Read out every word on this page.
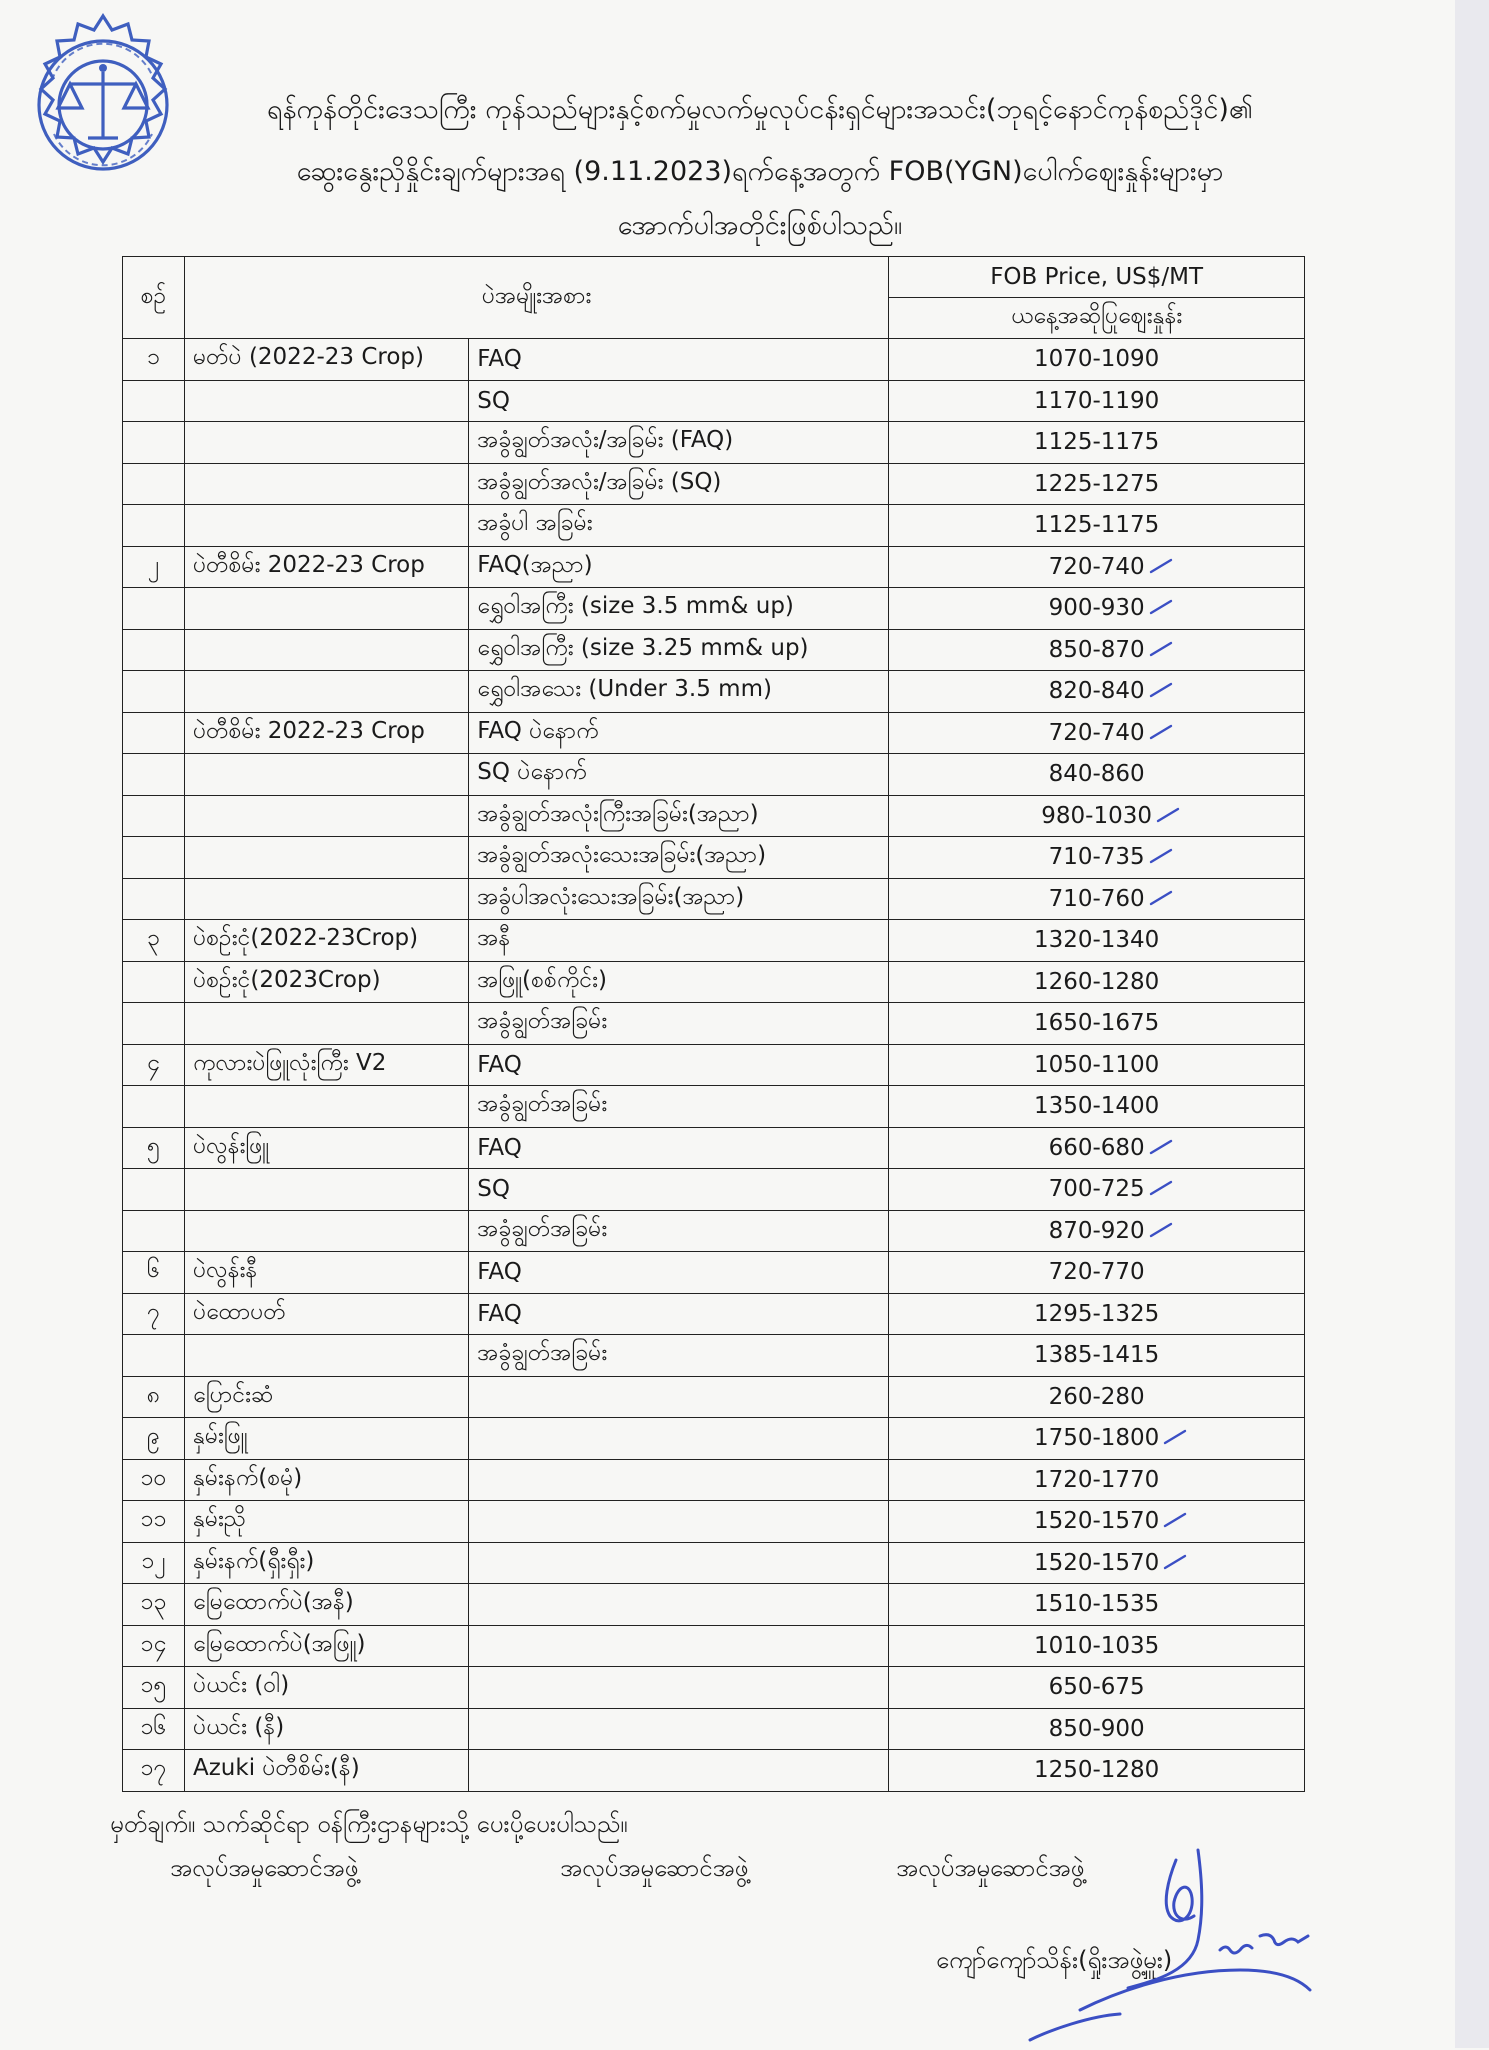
ရန်ကုန်တိုင်းဒေသကြီး ကုန်သည်များနှင့်စက်မှုလက်မှုလုပ်ငန်းရှင်များအသင်း(ဘုရင့်နောင်ကုန်စည်ဒိုင်)၏
ဆွေးနွေးညှိနှိုင်းချက်များအရ (9.11.2023)ရက်နေ့အတွက် FOB(YGN)ပေါက်ဈေးနှုန်းများမှာ
အောက်ပါအတိုင်းဖြစ်ပါသည်။
စဉ်	ပဲအမျိုးအစား		FOB Price, US$/MT
			ယနေ့အဆိုပြုဈေးနှုန်း
၁	မတ်ပဲ (2022-23 Crop)	FAQ	1070-1090
		SQ	1170-1190
		အခွံချွတ်အလုံး/အခြမ်း (FAQ)	1125-1175
		အခွံချွတ်အလုံး/အခြမ်း (SQ)	1225-1275
		အခွံပါ အခြမ်း	1125-1175
၂	ပဲတီစိမ်း 2022-23 Crop	FAQ(အညာ)	720-740

		ရွှေဝါအကြီး (size 3.5 mm& up)	900-930

		ရွှေဝါအကြီး (size 3.25 mm& up)	850-870

		ရွှေဝါအသေး (Under 3.5 mm)	820-840

	ပဲတီစိမ်း 2022-23 Crop	FAQ ပဲနောက်	720-740

		SQ ပဲနောက်	840-860
		အခွံချွတ်အလုံးကြီးအခြမ်း(အညာ)	980-1030

		အခွံချွတ်အလုံးသေးအခြမ်း(အညာ)	710-735

		အခွံပါအလုံးသေးအခြမ်း(အညာ)	710-760

၃	ပဲစဉ်းငုံ(2022-23Crop)	အနီ	1320-1340
	ပဲစဉ်းငုံ(2023Crop)	အဖြူ(စစ်ကိုင်း)	1260-1280
		အခွံချွတ်အခြမ်း	1650-1675
၄	ကုလားပဲဖြူလုံးကြီး V2	FAQ	1050-1100
		အခွံချွတ်အခြမ်း	1350-1400
၅	ပဲလွန်းဖြူ	FAQ	660-680

		SQ	700-725

		အခွံချွတ်အခြမ်း	870-920

၆	ပဲလွန်းနီ	FAQ	720-770
၇	ပဲထောပတ်	FAQ	1295-1325
		အခွံချွတ်အခြမ်း	1385-1415
၈	ပြောင်းဆံ		260-280
၉	နှမ်းဖြူ		1750-1800

၁၀	နှမ်းနက်(စမုံ)		1720-1770
၁၁	နှမ်းညို		1520-1570

၁၂	နှမ်းနက်(ရှီးရှီး)		1520-1570

၁၃	မြေထောက်ပဲ(အနီ)		1510-1535
၁၄	မြေထောက်ပဲ(အဖြူ)		1010-1035
၁၅	ပဲယင်း (ဝါ)		650-675
၁၆	ပဲယင်း (နီ)		850-900
၁၇	Azuki ပဲတီစိမ်း(နီ)		1250-1280
မှတ်ချက်။ သက်ဆိုင်ရာ ဝန်ကြီးဌာနများသို့ ပေးပို့ပေးပါသည်။
အလုပ်အမှုဆောင်အဖွဲ့	အလုပ်အမှုဆောင်အဖွဲ့	အလုပ်အမှုဆောင်အဖွဲ့
ကျော်ကျော်သိန်း(ရှိုးအဖွဲ့မှူး)
